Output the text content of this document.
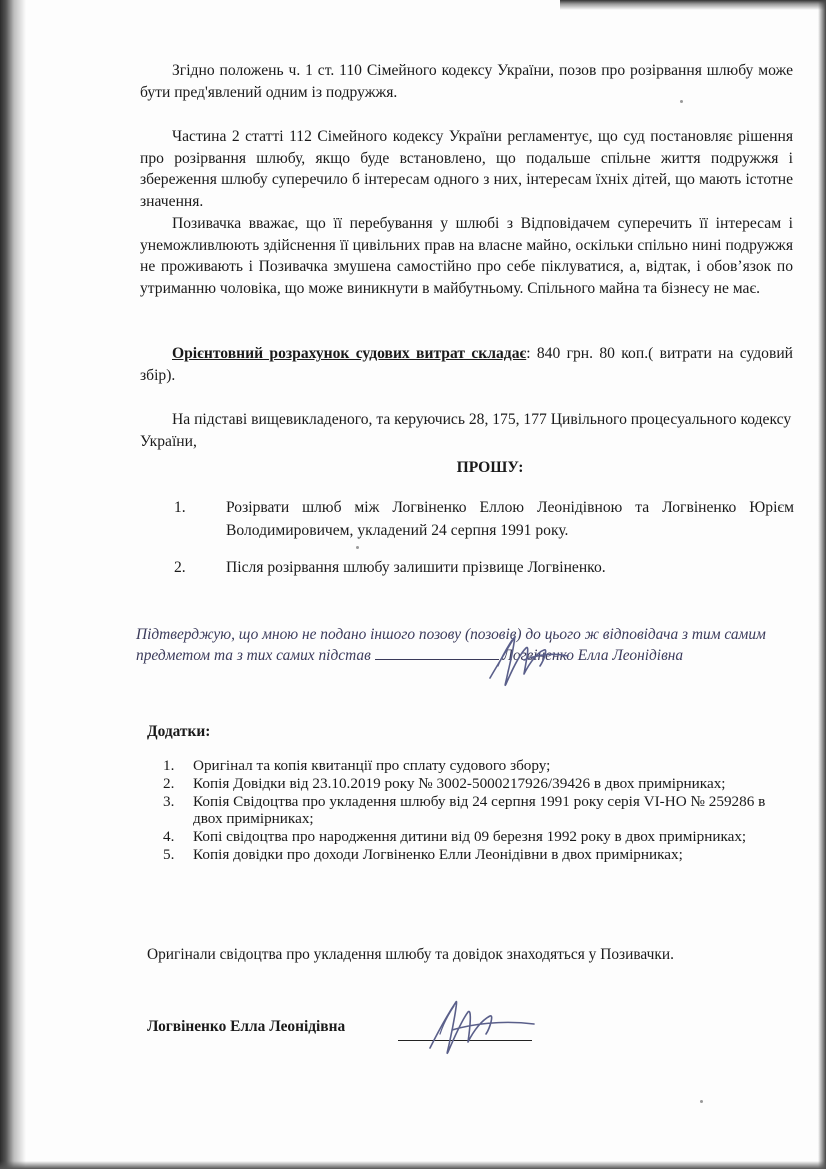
Згідно положень ч. 1 ст. 110 Сімейного кодексу України, позов про розірвання шлюбу може бути пред'явлений одним із подружжя.

Частина 2 статті 112 Сімейного кодексу України регламентує, що суд постановляє рішення про розірвання шлюбу, якщо буде встановлено, що подальше спільне життя подружжя і збереження шлюбу суперечило б інтересам одного з них, інтересам їхніх дітей, що мають істотне значення.

Позивачка вважає, що її перебування у шлюбі з Відповідачем суперечить її інтересам і унеможливлюють здійснення її цивільних прав на власне майно, оскільки спільно нині подружжя не проживають і Позивачка змушена самостійно про себе піклуватися, а, відтак, і обов’язок по утриманню чоловіка, що може виникнути в майбутньому. Спільного майна та бізнесу не має.

Орієнтовний розрахунок судових витрат складає: 840 грн. 80 коп.( витрати на судовий збір).

На підставі вищевикладеного, та керуючись 28, 175, 177 Цивільного процесуального кодексу України,

ПРОШУ:
1.	Розірвати шлюб між Логвіненко Еллою Леонідівною та Логвіненко Юрієм Володимировичем, укладений 24 серпня 1991 року.
2.	Після розірвання шлюбу залишити прізвище Логвіненко.
Підтверджую, що мною не подано іншого позову (позовів) до цього ж відповідача з тим самим предметом та з тих самих підстав	Логвіненко Елла Леонідівна
Додатки:
1. Оригінал та копія квитанції про сплату судового збору;
2. Копія Довідки від 23.10.2019 року № 3002-5000217926/39426 в двох примірниках;
3. Копія Свідоцтва про укладення шлюбу від 24 серпня 1991 року серія VI-НО № 259286 в двох примірниках;
4. Копі свідоцтва про народження дитини від 09 березня 1992 року в двох примірниках;
5. Копія довідки про доходи Логвіненко Елли Леонідівни в двох примірниках;
Оригінали свідоцтва про укладення шлюбу та довідок знаходяться у Позивачки.
Логвіненко Елла Леонідівна
